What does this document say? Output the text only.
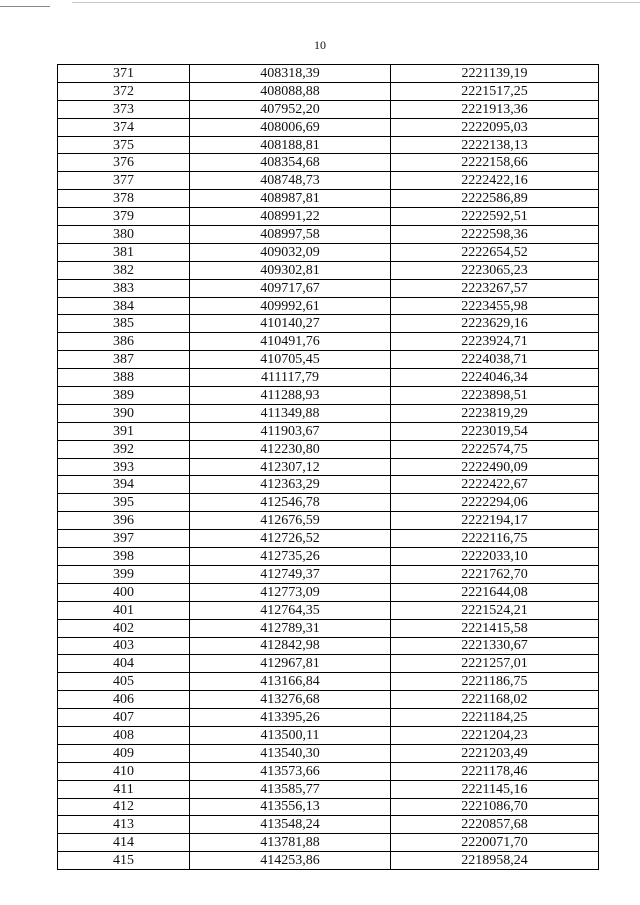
10
371	408318,39	2221139,19
372	408088,88	2221517,25
373	407952,20	2221913,36
374	408006,69	2222095,03
375	408188,81	2222138,13
376	408354,68	2222158,66
377	408748,73	2222422,16
378	408987,81	2222586,89
379	408991,22	2222592,51
380	408997,58	2222598,36
381	409032,09	2222654,52
382	409302,81	2223065,23
383	409717,67	2223267,57
384	409992,61	2223455,98
385	410140,27	2223629,16
386	410491,76	2223924,71
387	410705,45	2224038,71
388	411117,79	2224046,34
389	411288,93	2223898,51
390	411349,88	2223819,29
391	411903,67	2223019,54
392	412230,80	2222574,75
393	412307,12	2222490,09
394	412363,29	2222422,67
395	412546,78	2222294,06
396	412676,59	2222194,17
397	412726,52	2222116,75
398	412735,26	2222033,10
399	412749,37	2221762,70
400	412773,09	2221644,08
401	412764,35	2221524,21
402	412789,31	2221415,58
403	412842,98	2221330,67
404	412967,81	2221257,01
405	413166,84	2221186,75
406	413276,68	2221168,02
407	413395,26	2221184,25
408	413500,11	2221204,23
409	413540,30	2221203,49
410	413573,66	2221178,46
411	413585,77	2221145,16
412	413556,13	2221086,70
413	413548,24	2220857,68
414	413781,88	2220071,70
415	414253,86	2218958,24
